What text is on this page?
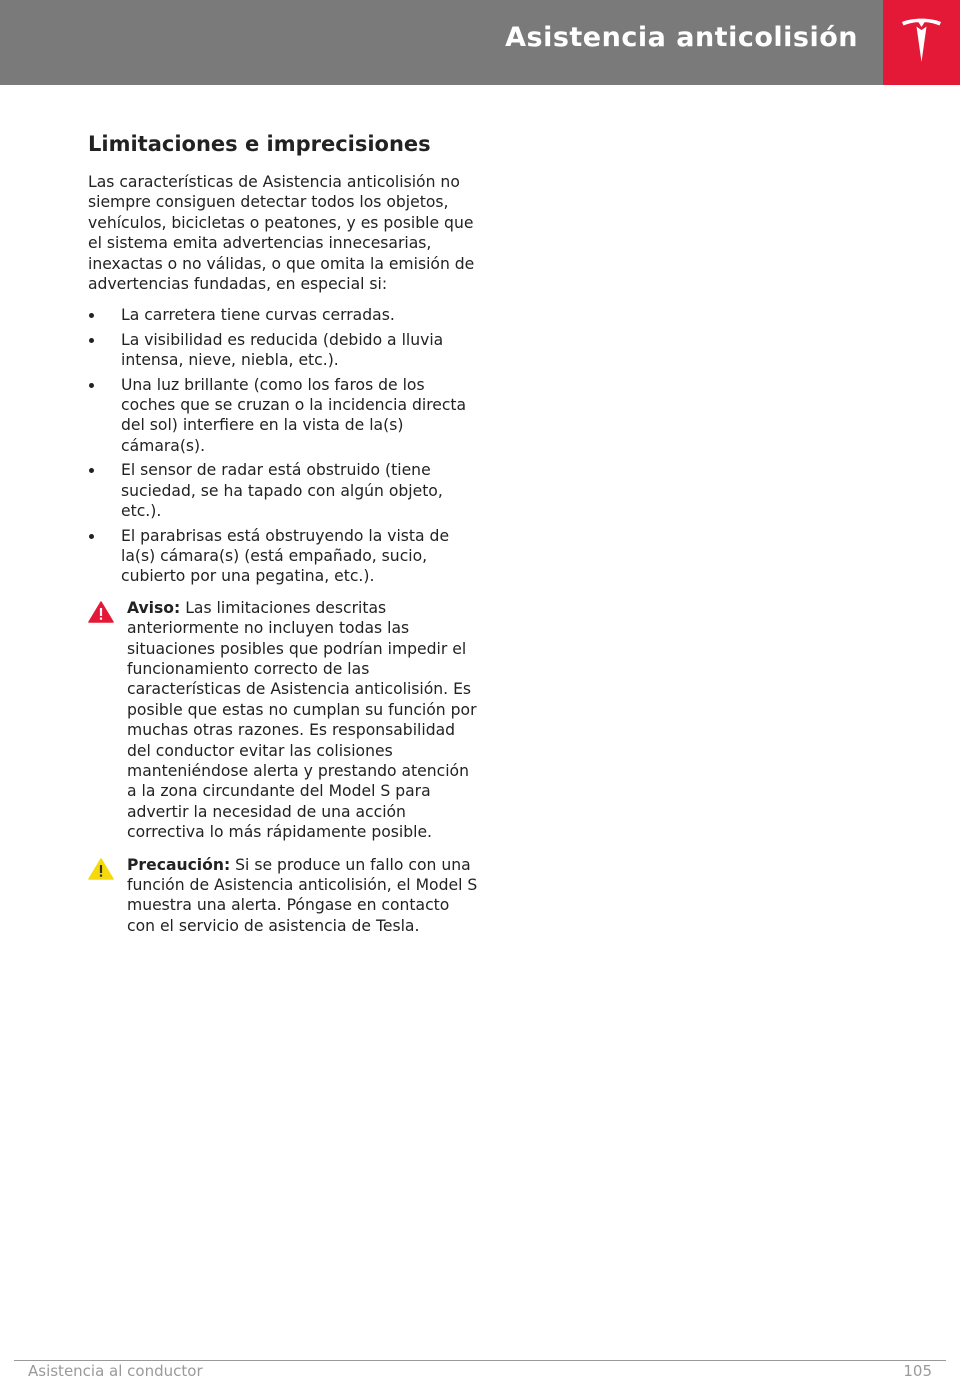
Asistencia anticolisión
Limitaciones e imprecisiones

Las características de Asistencia anticolisión no siempre consiguen detectar todos los objetos, vehículos, bicicletas o peatones, y es posible que el sistema emita advertencias innecesarias, inexactas o no válidas, o que omita la emisión de advertencias fundadas, en especial si:

La carretera tiene curvas cerradas.
La visibilidad es reducida (debido a lluvia intensa, nieve, niebla, etc.).
Una luz brillante (como los faros de los coches que se cruzan o la incidencia directa del sol) interfiere en la vista de la(s) cámara(s).
El sensor de radar está obstruido (tiene suciedad, se ha tapado con algún objeto, etc.).
El parabrisas está obstruyendo la vista de la(s) cámara(s) (está empañado, sucio, cubierto por una pegatina, etc.).
Aviso: Las limitaciones descritas anteriormente no incluyen todas las situaciones posibles que podrían impedir el funcionamiento correcto de las características de Asistencia anticolisión. Es posible que estas no cumplan su función por muchas otras razones. Es responsabilidad del conductor evitar las colisiones manteniéndose alerta y prestando atención a la zona circundante del Model S para advertir la necesidad de una acción correctiva lo más rápidamente posible.
Precaución: Si se produce un fallo con una función de Asistencia anticolisión, el Model S muestra una alerta. Póngase en contacto con el servicio de asistencia de Tesla.
Asistencia al conductor	105
